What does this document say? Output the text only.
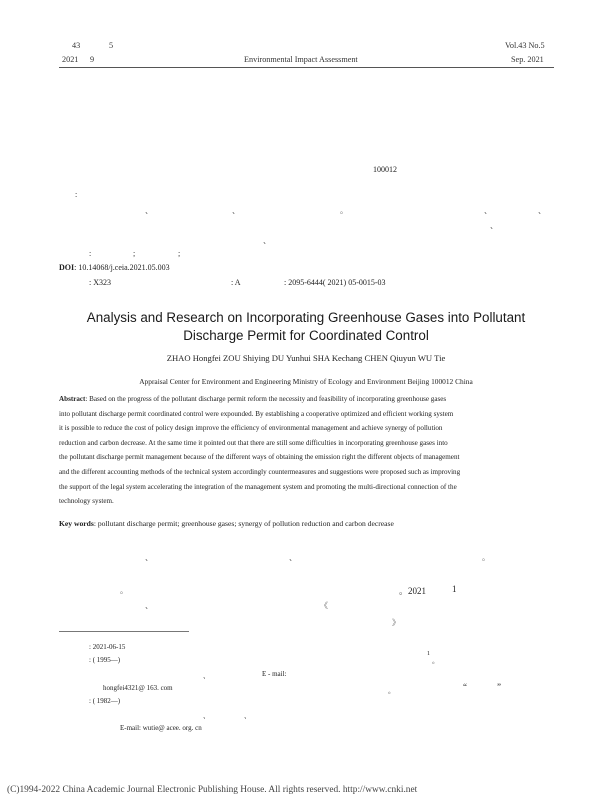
43	5
2021 9	Environmental Impact Assessment
Vol.43 No.5
Sep. 2021
100012
:
、	、	。	、	、
、
、
:	;	;
DOI: 10.14068/j.ceia.2021.05.003
: X323	: A	: 2095-6444( 2021) 05-0015-03
Analysis and Research on Incorporating Greenhouse Gases into Pollutant
Discharge Permit for Coordinated Control
ZHAO Hongfei ZOU Shiying DU Yunhui SHA Kechang CHEN Qiuyun WU Tie
Appraisal Center for Environment and Engineering Ministry of Ecology and Environment Beijing 100012 China
Abstract: Based on the progress of the pollutant discharge permit reform the necessity and feasibility of incorporating greenhouse gases
into pollutant discharge permit coordinated control were expounded. By establishing a cooperative optimized and efficient working system
it is possible to reduce the cost of policy design improve the efficiency of environmental management and achieve synergy of pollution
reduction and carbon decrease. At the same time it pointed out that there are still some difficulties in incorporating greenhouse gases into
the pollutant discharge permit management because of the different ways of obtaining the emission right the different objects of management
and the different accounting methods of the technical system accordingly countermeasures and suggestions were proposed such as improving
the support of the legal system accelerating the integration of the management system and promoting the multi-directional connection of the
technology system.
Key words: pollutant discharge permit; greenhouse gases; synergy of pollution reduction and carbon decrease
、	、	。
。	。2021	1
、	《
》
: 2021-06-15
: ( 1995—)
1
。
、	E - mail:
hongfei4321@ 163. com	。	“	”
: ( 1982—)
、	、
E-mail: wutie@ acee. org. cn
(C)1994-2022 China Academic Journal Electronic Publishing House. All rights reserved. http://www.cnki.net
